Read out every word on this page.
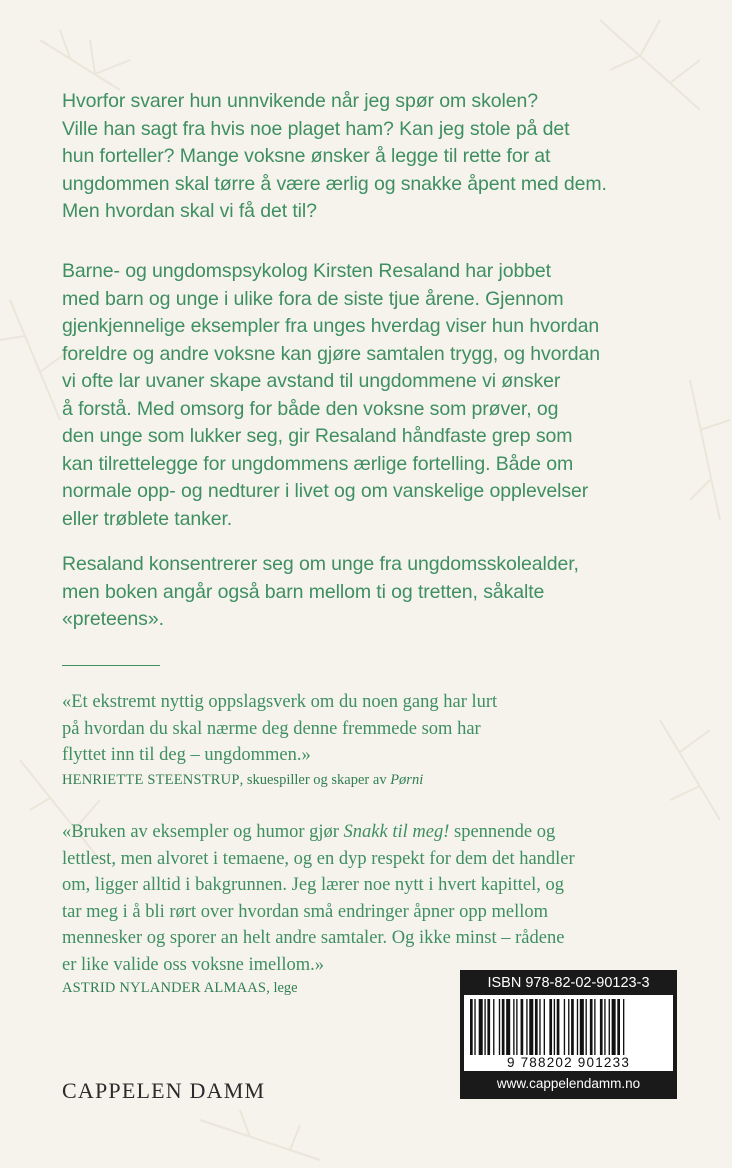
Hvorfor svarer hun unnvikende når jeg spør om skolen?
Ville han sagt fra hvis noe plaget ham? Kan jeg stole på det
hun forteller? Mange voksne ønsker å legge til rette for at
ungdommen skal tørre å være ærlig og snakke åpent med dem.
Men hvordan skal vi få det til?

Barne- og ungdomspsykolog Kirsten Resaland har jobbet
med barn og unge i ulike fora de siste tjue årene. Gjennom
gjenkjennelige eksempler fra unges hverdag viser hun hvordan
foreldre og andre voksne kan gjøre samtalen trygg, og hvordan
vi ofte lar uvaner skape avstand til ungdommene vi ønsker
å forstå. Med omsorg for både den voksne som prøver, og
den unge som lukker seg, gir Resaland håndfaste grep som
kan tilrettelegge for ungdommens ærlige fortelling. Både om
normale opp- og nedturer i livet og om vanskelige opplevelser
eller trøblete tanker.

Resaland konsentrerer seg om unge fra ungdomsskolealder,
men boken angår også barn mellom ti og tretten, såkalte
«preteens».

«Et ekstremt nyttig oppslagsverk om du noen gang har lurt
på hvordan du skal nærme deg denne fremmede som har
flyttet inn til deg – ungdommen.»

HENRIETTE STEENSTRUP, skuespiller og skaper av Pørni

«Bruken av eksempler og humor gjør Snakk til meg! spennende og
lettlest, men alvoret i temaene, og en dyp respekt for dem det handler
om, ligger alltid i bakgrunnen. Jeg lærer noe nytt i hvert kapittel, og
tar meg i å bli rørt over hvordan små endringer åpner opp mellom
mennesker og sporer an helt andre samtaler. Og ikke minst – rådene
er like valide oss voksne imellom.»

ASTRID NYLANDER ALMAAS, lege

CAPPELEN DAMM
ISBN 978-82-02-90123-3
9 788202 901233
www.cappelendamm.no
